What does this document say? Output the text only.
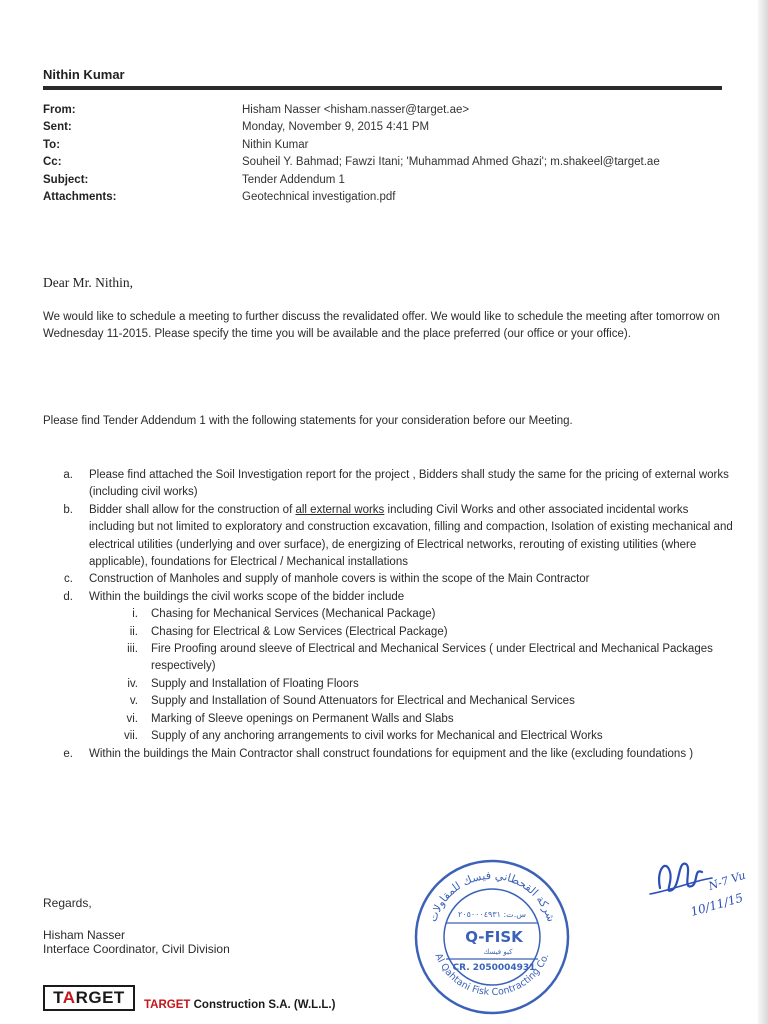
Nithin Kumar
From:	Hisham Nasser <hisham.nasser@target.ae>
Sent:	Monday, November 9, 2015 4:41 PM
To:	Nithin Kumar
Cc:	Souheil Y. Bahmad; Fawzi Itani; 'Muhammad Ahmed Ghazi'; m.shakeel@target.ae
Subject:	Tender Addendum 1
Attachments:	Geotechnical investigation.pdf
Dear Mr. Nithin,
We would like to schedule a meeting to further discuss the revalidated offer. We would like to schedule the meeting after tomorrow on Wednesday 11-2015. Please specify the time you will be available and the place preferred (our office or your office).
Please find Tender Addendum 1 with the following statements for your consideration before our Meeting.
a.	Please find attached the Soil Investigation report for the project , Bidders shall study the same for the pricing of external works (including civil works)
b.	Bidder shall allow for the construction of all external works including Civil Works and other associated incidental works including but not limited to exploratory and construction excavation, filling and compaction, Isolation of existing mechanical and electrical utilities (underlying and over surface), de energizing of Electrical networks, rerouting of existing utilities (where applicable), foundations for Electrical / Mechanical installations
c.	Construction of Manholes and supply of manhole covers is within the scope of the Main Contractor
d.	Within the buildings the civil works scope of the bidder include
i.	Chasing for Mechanical Services (Mechanical Package)
ii.	Chasing for Electrical & Low Services (Electrical Package)
iii.	Fire Proofing around sleeve of Electrical and Mechanical Services ( under Electrical and Mechanical Packages respectively)
iv.	Supply and Installation of Floating Floors
v.	Supply and Installation of Sound Attenuators for Electrical and Mechanical Services
vi.	Marking of Sleeve openings on Permanent Walls and Slabs
vii.	Supply of any anchoring arrangements to civil works for Mechanical and Electrical Works
e.	Within the buildings the Main Contractor shall construct foundations for equipment and the like (excluding foundations )
Regards,
Hisham Nasser
Interface Coordinator, Civil Division
TARGET TARGET Construction S.A. (W.L.L.)
شركة القحطاني فيسك للمقاولات
س.ت: ٢٠٥٠٠٠٤٩٣١
Q-FISK
كيو فيسك
CR. 2050004931
Al Qahtani Fisk Contracting Co.
N-7 Vu
10/11/15
